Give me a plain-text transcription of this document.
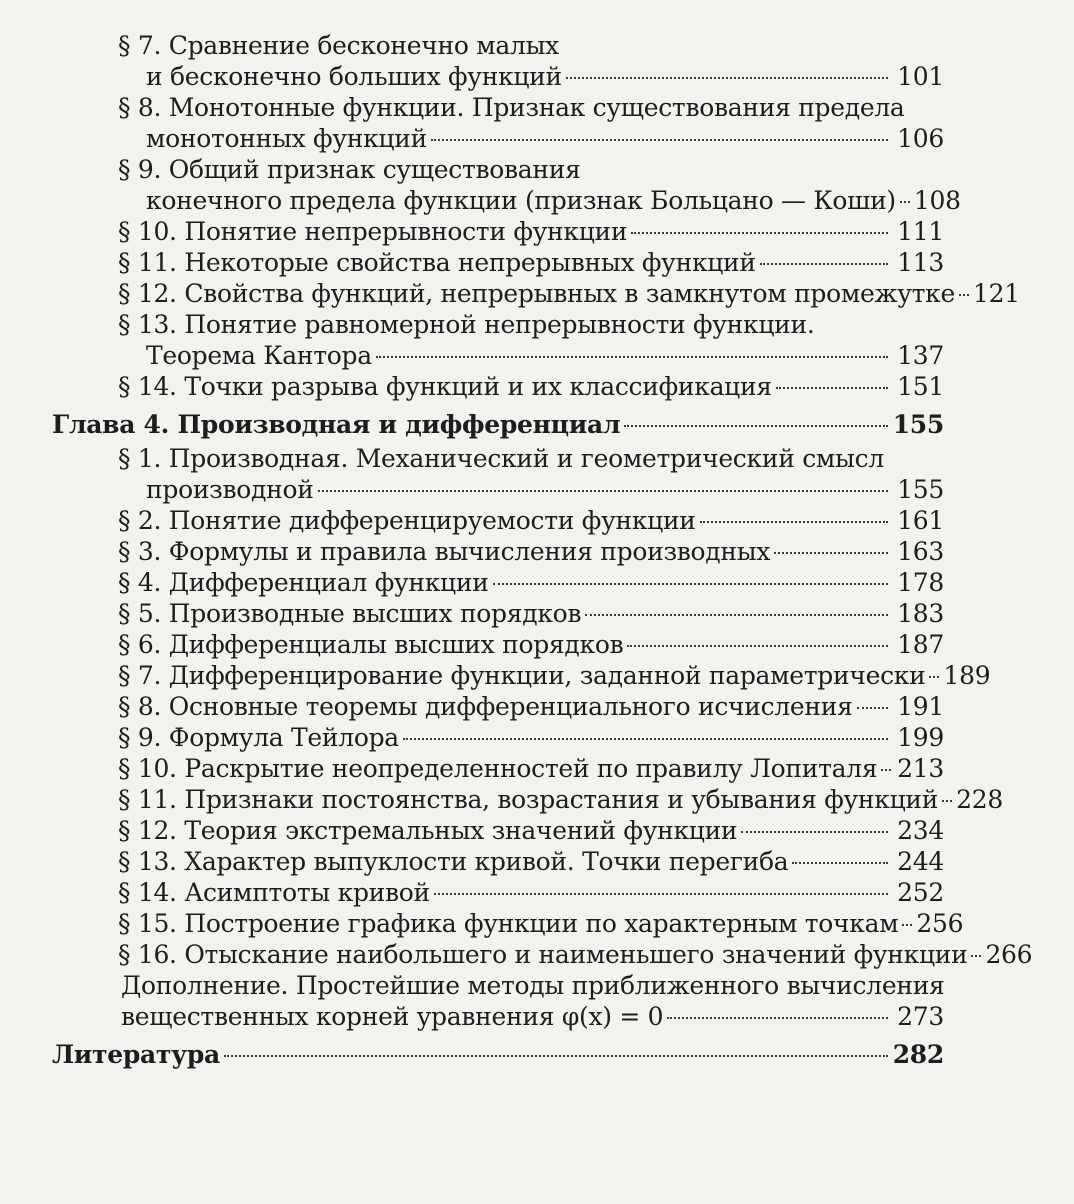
§ 7. Сравнение бесконечно малых
и бесконечно больших функций	101
§ 8. Монотонные функции. Признак существования предела
монотонных функций	106
§ 9. Общий признак существования
конечного предела функции (признак Больцано — Коши) 108
§ 10. Понятие непрерывности функции	111
§ 11. Некоторые свойства непрерывных функций	113
§ 12. Свойства функций, непрерывных в замкнутом промежутке 121
§ 13. Понятие равномерной непрерывности функции.
Теорема Кантора	137
§ 14. Точки разрыва функций и их классификация	151
Глава 4. Производная и дифференциал	155
§ 1. Производная. Механический и геометрический смысл
производной	155
§ 2. Понятие дифференцируемости функции	161
§ 3. Формулы и правила вычисления производных	163
§ 4. Дифференциал функции	178
§ 5. Производные высших порядков	183
§ 6. Дифференциалы высших порядков	187
§ 7. Дифференцирование функции, заданной параметрически 189
§ 8. Основные теоремы дифференциального исчисления 191
§ 9. Формула Тейлора	199
§ 10. Раскрытие неопределенностей по правилу Лопиталя 213
§ 11. Признаки постоянства, возрастания и убывания функций 228
§ 12. Теория экстремальных значений функции	234
§ 13. Характер выпуклости кривой. Точки перегиба	244
§ 14. Асимптоты кривой	252
§ 15. Построение графика функции по характерным точкам 256
§ 16. Отыскание наибольшего и наименьшего значений функции 266
Дополнение. Простейшие методы приближенного вычисления
вещественных корней уравнения φ(x) = 0	273
Литература	282
